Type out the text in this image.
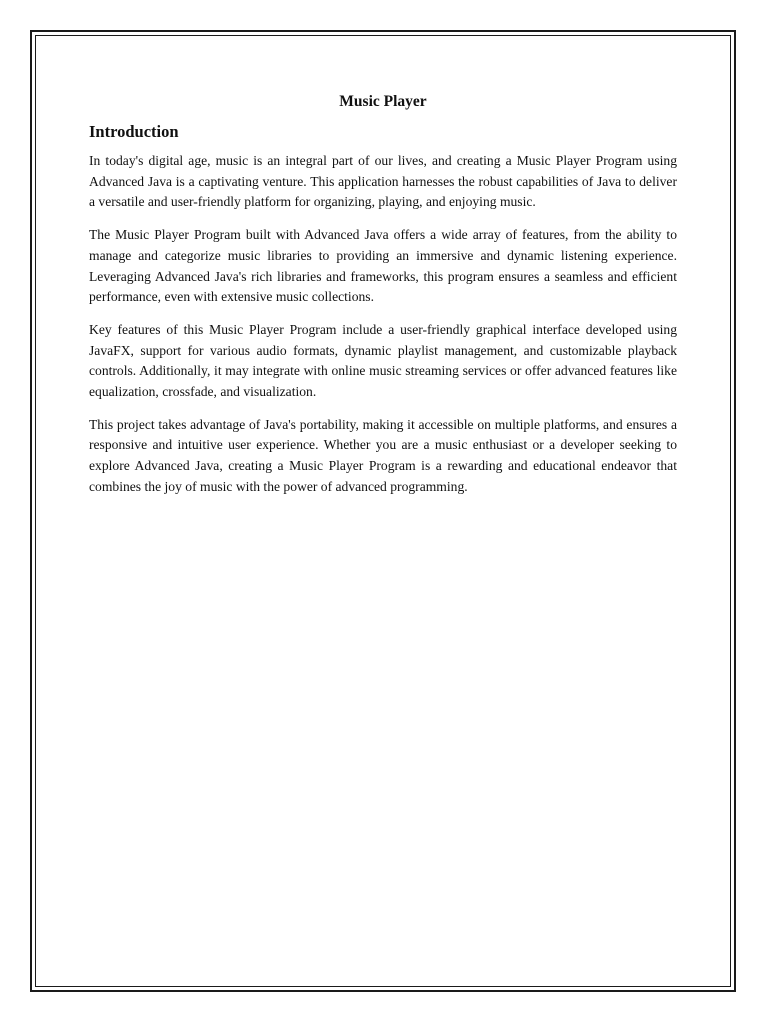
Music Player
Introduction

In today's digital age, music is an integral part of our lives, and creating a Music Player Program using Advanced Java is a captivating venture. This application harnesses the robust capabilities of Java to deliver a versatile and user-friendly platform for organizing, playing, and enjoying music.

The Music Player Program built with Advanced Java offers a wide array of features, from the ability to manage and categorize music libraries to providing an immersive and dynamic listening experience. Leveraging Advanced Java's rich libraries and frameworks, this program ensures a seamless and efficient performance, even with extensive music collections.

Key features of this Music Player Program include a user-friendly graphical interface developed using JavaFX, support for various audio formats, dynamic playlist management, and customizable playback controls. Additionally, it may integrate with online music streaming services or offer advanced features like equalization, crossfade, and visualization.

This project takes advantage of Java's portability, making it accessible on multiple platforms, and ensures a responsive and intuitive user experience. Whether you are a music enthusiast or a developer seeking to explore Advanced Java, creating a Music Player Program is a rewarding and educational endeavor that combines the joy of music with the power of advanced programming.
